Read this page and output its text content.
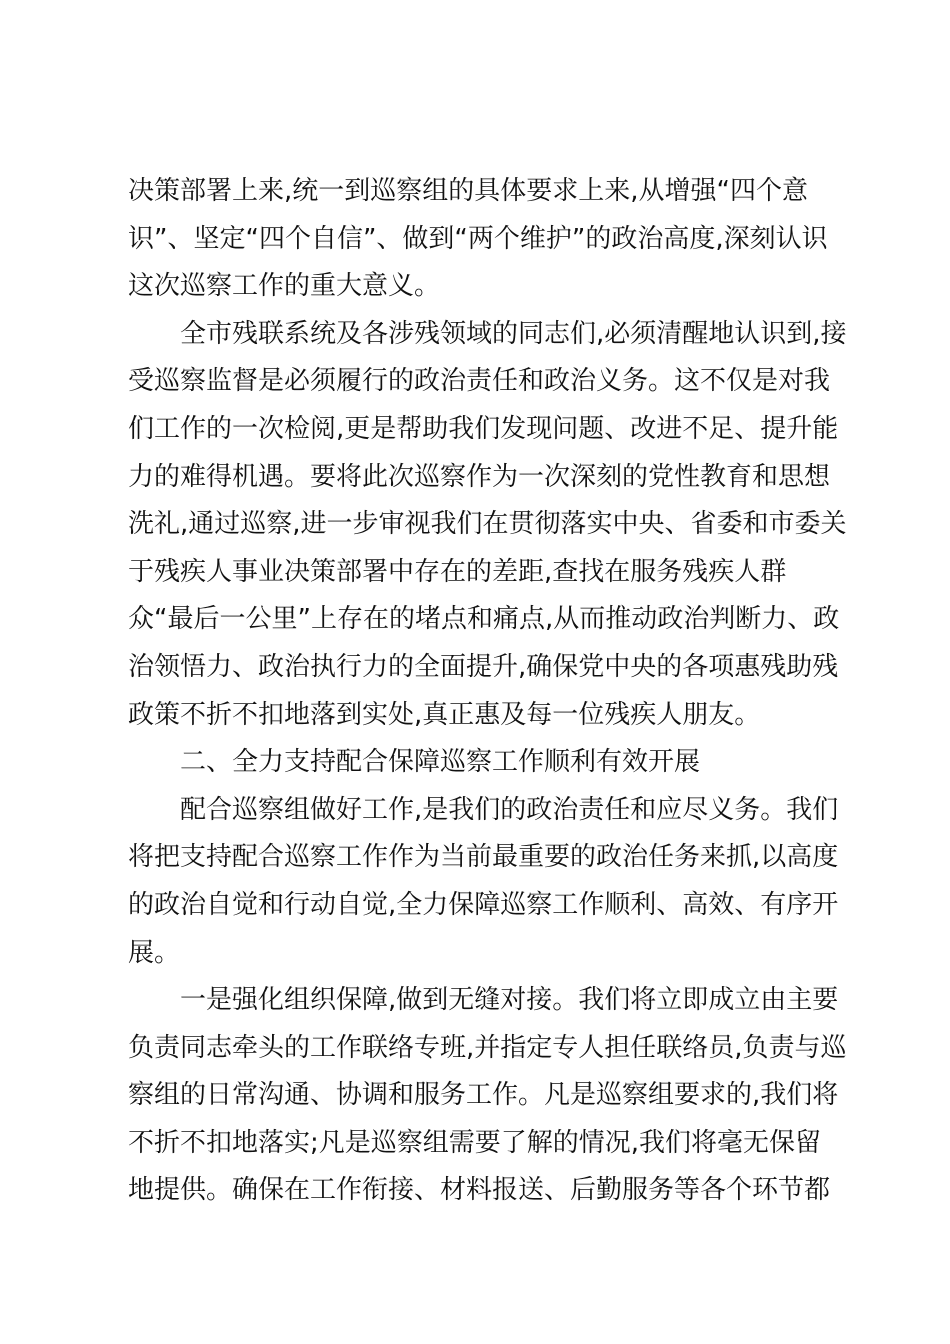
决策部署上来,统一到巡察组的具体要求上来,从增强“四个意
识”、坚定“四个自信”、做到“两个维护”的政治高度,深刻认识
这次巡察工作的重大意义。
全市残联系统及各涉残领域的同志们,必须清醒地认识到,接
受巡察监督是必须履行的政治责任和政治义务。这不仅是对我
们工作的一次检阅,更是帮助我们发现问题、改进不足、提升能
力的难得机遇。要将此次巡察作为一次深刻的党性教育和思想
洗礼,通过巡察,进一步审视我们在贯彻落实中央、省委和市委关
于残疾人事业决策部署中存在的差距,查找在服务残疾人群
众“最后一公里”上存在的堵点和痛点,从而推动政治判断力、政
治领悟力、政治执行力的全面提升,确保党中央的各项惠残助残
政策不折不扣地落到实处,真正惠及每一位残疾人朋友。
二、全力支持配合保障巡察工作顺利有效开展
配合巡察组做好工作,是我们的政治责任和应尽义务。我们
将把支持配合巡察工作作为当前最重要的政治任务来抓,以高度
的政治自觉和行动自觉,全力保障巡察工作顺利、高效、有序开
展。
一是强化组织保障,做到无缝对接。我们将立即成立由主要
负责同志牵头的工作联络专班,并指定专人担任联络员,负责与巡
察组的日常沟通、协调和服务工作。凡是巡察组要求的,我们将
不折不扣地落实;凡是巡察组需要了解的情况,我们将毫无保留
地提供。确保在工作衔接、材料报送、后勤服务等各个环节都
